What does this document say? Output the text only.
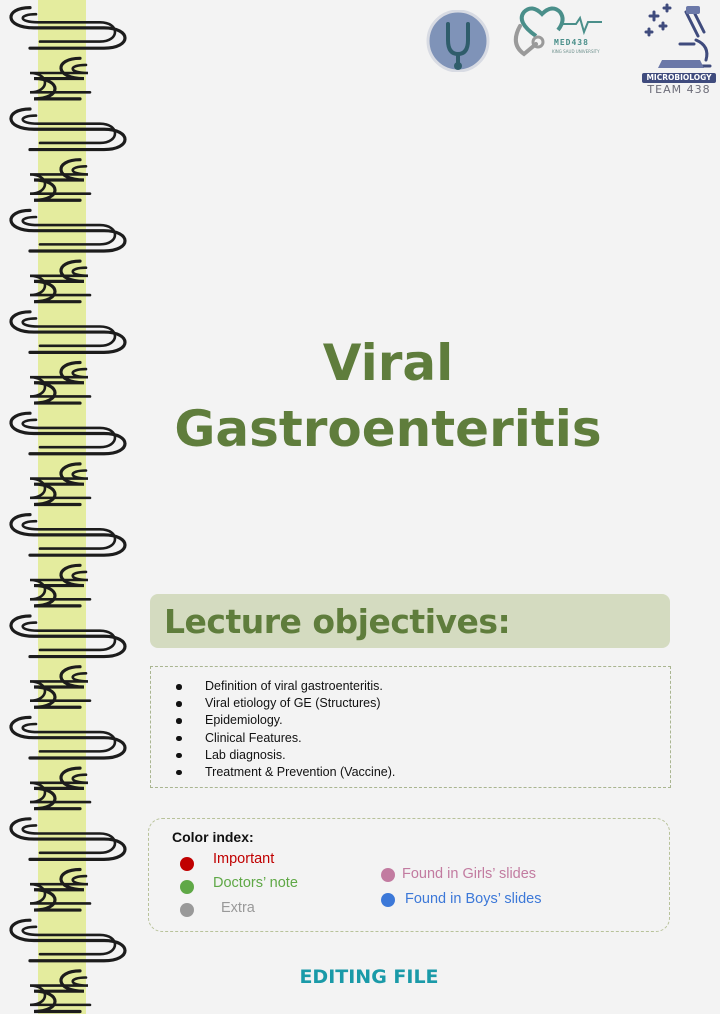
MED438
KING SAUD UNIVERSITY
MICROBIOLOGY
TEAM 438
Viral
Gastroenteritis
Lecture objectives:
Definition of viral gastroenteritis.
Viral etiology of GE (Structures)
Epidemiology.
Clinical Features.
Lab diagnosis.
Treatment & Prevention (Vaccine).
Color index:
Important
Doctors’ note
Extra
Found in Girls’ slides
Found in Boys’ slides
EDITING FILE
